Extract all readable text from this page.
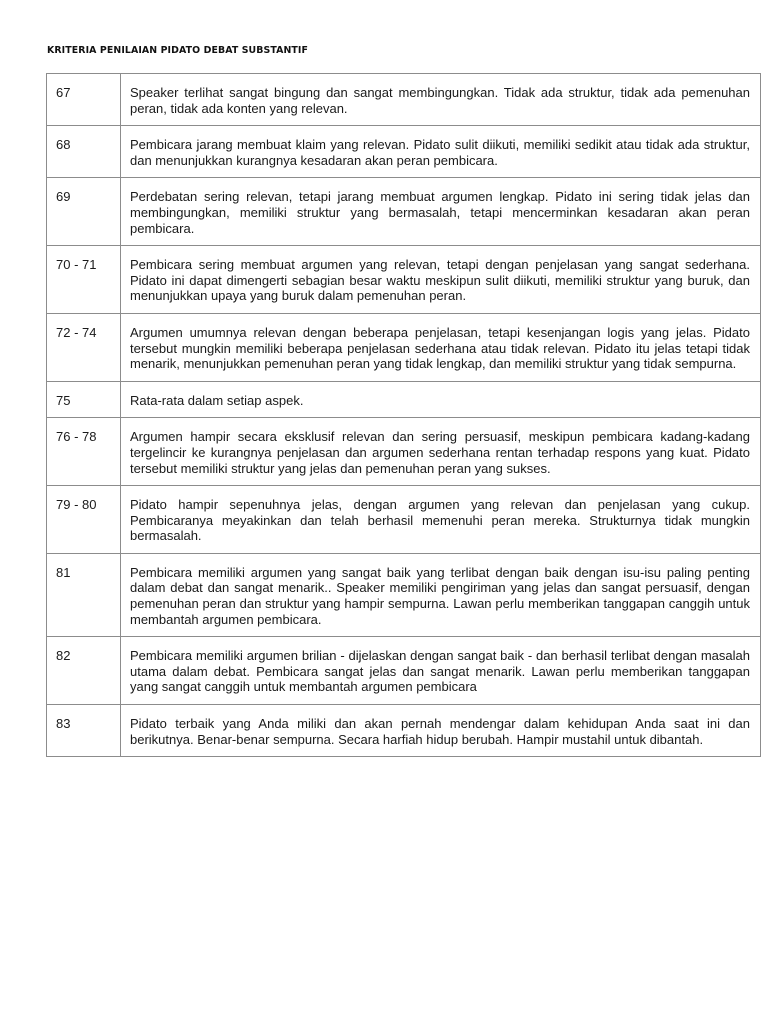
KRITERIA PENILAIAN PIDATO DEBAT SUBSTANTIF
67	Speaker terlihat sangat bingung dan sangat membingungkan. Tidak ada struktur, tidak ada pemenuhan peran, tidak ada konten yang relevan.
68	Pembicara jarang membuat klaim yang relevan. Pidato sulit diikuti, memiliki sedikit atau tidak ada struktur, dan menunjukkan kurangnya kesadaran akan peran pembicara.
69	Perdebatan sering relevan, tetapi jarang membuat argumen lengkap. Pidato ini sering tidak jelas dan membingungkan, memiliki struktur yang bermasalah, tetapi mencerminkan kesadaran akan peran pembicara.
70 - 71	Pembicara sering membuat argumen yang relevan, tetapi dengan penjelasan yang sangat sederhana. Pidato ini dapat dimengerti sebagian besar waktu meskipun sulit diikuti, memiliki struktur yang buruk, dan menunjukkan upaya yang buruk dalam pemenuhan peran.
72 - 74	Argumen umumnya relevan dengan beberapa penjelasan, tetapi kesenjangan logis yang jelas. Pidato tersebut mungkin memiliki beberapa penjelasan sederhana atau tidak relevan. Pidato itu jelas tetapi tidak menarik, menunjukkan pemenuhan peran yang tidak lengkap, dan memiliki struktur yang tidak sempurna.
75	Rata-rata dalam setiap aspek.
76 - 78	Argumen hampir secara eksklusif relevan dan sering persuasif, meskipun pembicara kadang-kadang tergelincir ke kurangnya penjelasan dan argumen sederhana rentan terhadap respons yang kuat. Pidato tersebut memiliki struktur yang jelas dan pemenuhan peran yang sukses.
79 - 80	Pidato hampir sepenuhnya jelas, dengan argumen yang relevan dan penjelasan yang cukup. Pembicaranya meyakinkan dan telah berhasil memenuhi peran mereka. Strukturnya tidak mungkin bermasalah.
81	Pembicara memiliki argumen yang sangat baik yang terlibat dengan baik dengan isu-isu paling penting dalam debat dan sangat menarik.. Speaker memiliki pengiriman yang jelas dan sangat persuasif, dengan pemenuhan peran dan struktur yang hampir sempurna. Lawan perlu memberikan tanggapan canggih untuk membantah argumen pembicara.
82	Pembicara memiliki argumen brilian - dijelaskan dengan sangat baik - dan berhasil terlibat dengan masalah utama dalam debat. Pembicara sangat jelas dan sangat menarik. Lawan perlu memberikan tanggapan yang sangat canggih untuk membantah argumen pembicara
83	Pidato terbaik yang Anda miliki dan akan pernah mendengar dalam kehidupan Anda saat ini dan berikutnya. Benar-benar sempurna. Secara harfiah hidup berubah. Hampir mustahil untuk dibantah.
